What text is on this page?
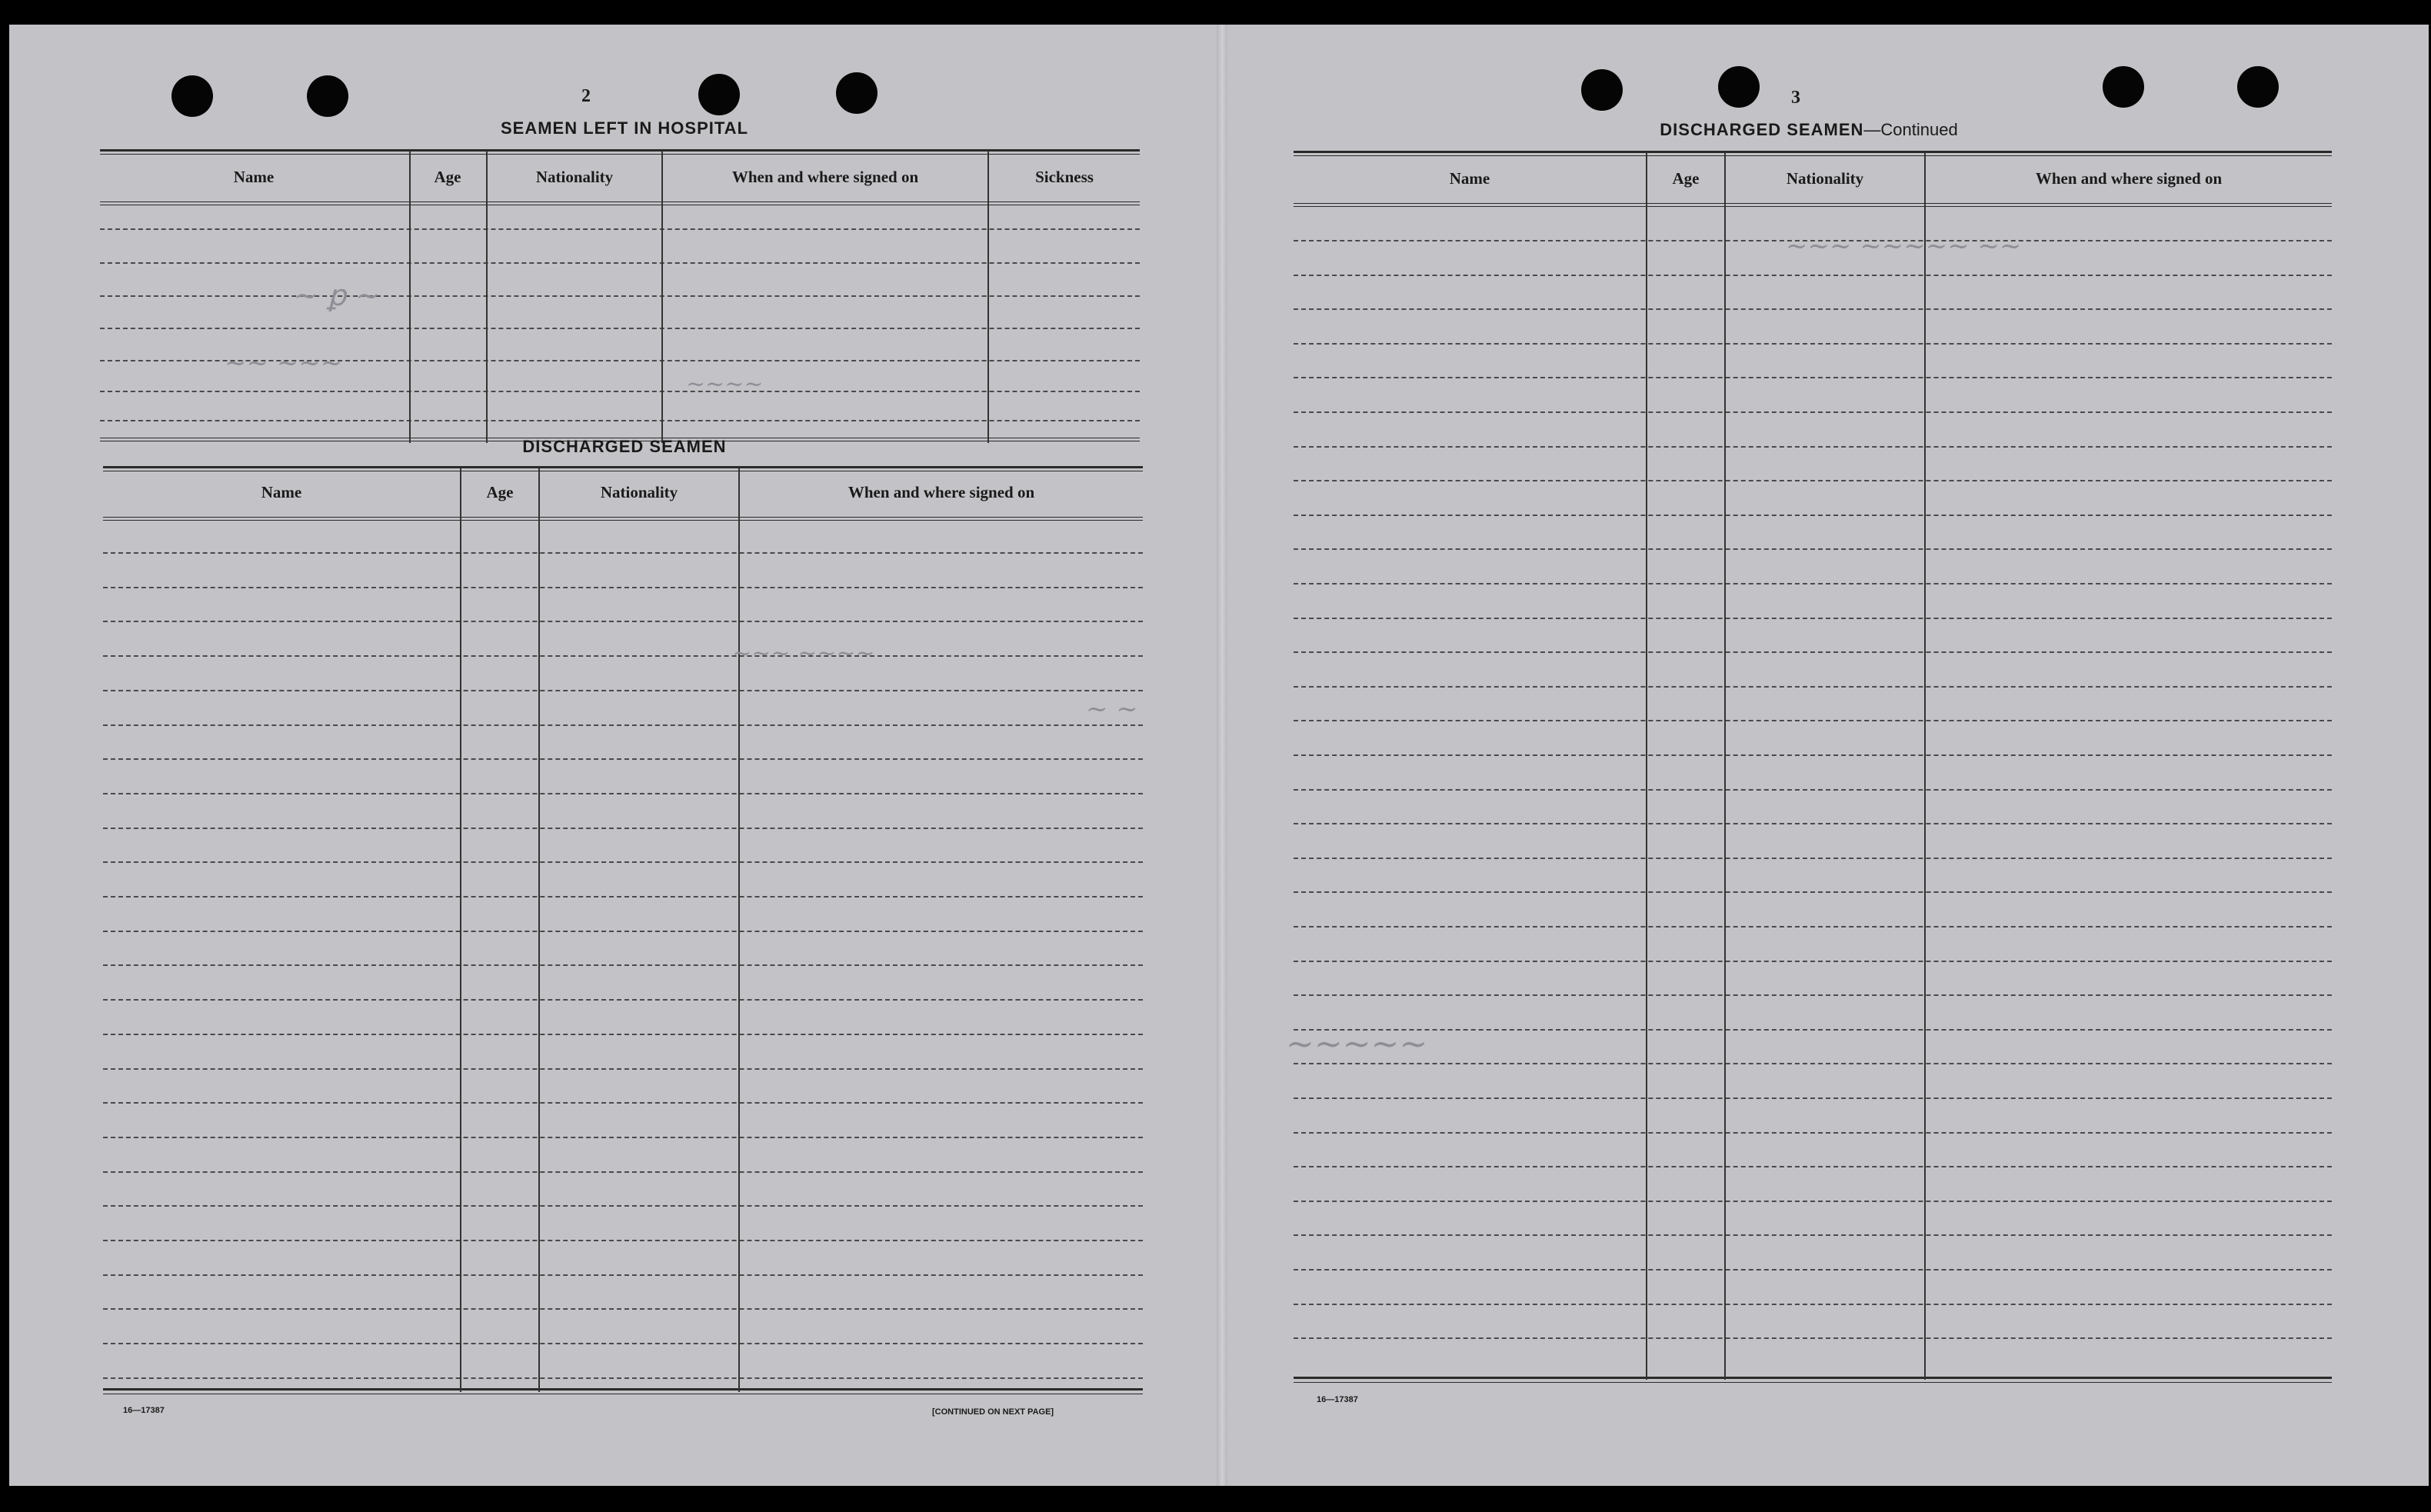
2
SEAMEN LEFT IN HOSPITAL
Name	Age	Nationality	When and where signed on	Sickness
DISCHARGED SEAMEN
Name	Age	Nationality	When and where signed on
16—17387	[CONTINUED ON NEXT PAGE]
~ ꝑ ~
~~ ~~~
~~~~
~~~ ~~~~
~ ~
~~~ ~~~~~ ~~
~~~~~
3
DISCHARGED SEAMEN—Continued
Name	Age	Nationality	When and where signed on
16—17387
